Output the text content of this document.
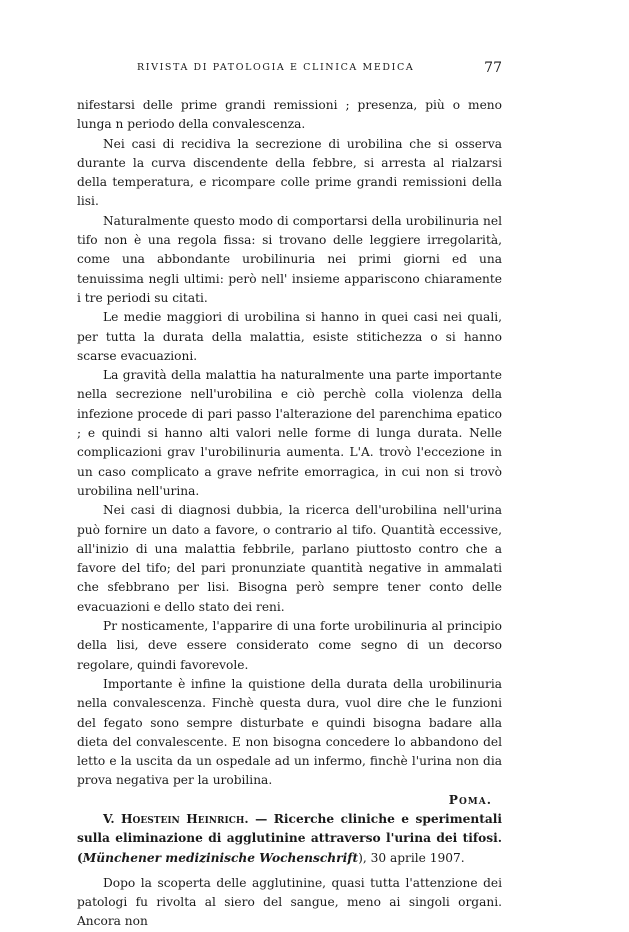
RIVISTA DI PATOLOGIA E CLINICA MEDICA	77

nifestarsi delle prime grandi remissioni ; presenza, più o meno lunga n periodo della convalescenza.

Nei casi di recidiva la secrezione di urobilina che si osserva durante la curva discendente della febbre, si arresta al rialzarsi della temperatura, e ricompare colle prime grandi remissioni della lisi.

Naturalmente questo modo di comportarsi della urobilinuria nel tifo non è una regola fissa: si trovano delle leggiere irregolarità, come una abbondante urobilinuria nei primi giorni ed una tenuissima negli ultimi: però nell' insieme appariscono chiaramente i tre periodi su citati.

Le medie maggiori di urobilina si hanno in quei casi nei quali, per tutta la durata della malattia, esiste stitichezza o si hanno scarse evacuazioni.

La gravità della malattia ha naturalmente una parte importante nella secrezione nell'urobilina e ciò perchè colla violenza della infezione procede di pari passo l'alterazione del parenchima epatico ; e quindi si hanno alti valori nelle forme di lunga durata. Nelle complicazioni grav l'urobilinuria aumenta. L'A. trovò l'eccezione in un caso complicato a grave nefrite emorragica, in cui non si trovò urobilina nell'urina.

Nei casi di diagnosi dubbia, la ricerca dell'urobilina nell'urina può fornire un dato a favore, o contrario al tifo. Quantità eccessive, all'inizio di una malattia febbrile, parlano piuttosto contro che a favore del tifo; del pari pronunziate quantità negative in ammalati che sfebbrano per lisi. Bisogna però sempre tener conto delle evacuazioni e dello stato dei reni.

Pr nosticamente, l'apparire di una forte urobilinuria al principio della lisi, deve essere considerato come segno di un decorso regolare, quindi favorevole.

Importante è infine la quistione della durata della urobilinuria nella convalescenza. Finchè questa dura, vuol dire che le funzioni del fegato sono sempre disturbate e quindi bisogna badare alla dieta del convalescente. E non bisogna concedere lo abbandono del letto e la uscita da un ospedale ad un infermo, finchè l'urina non dia prova negativa per la urobilina.

Poma.

V. Hoestein Heinrich. — Ricerche cliniche e sperimentali sulla eliminazione di agglutinine attraverso l'urina dei tifosi. (Münchener medizinische Wochenschrift), 30 aprile 1907.

Dopo la scoperta delle agglutinine, quasi tutta l'attenzione dei patologi fu rivolta al siero del sangue, meno ai singoli organi. Ancora non
